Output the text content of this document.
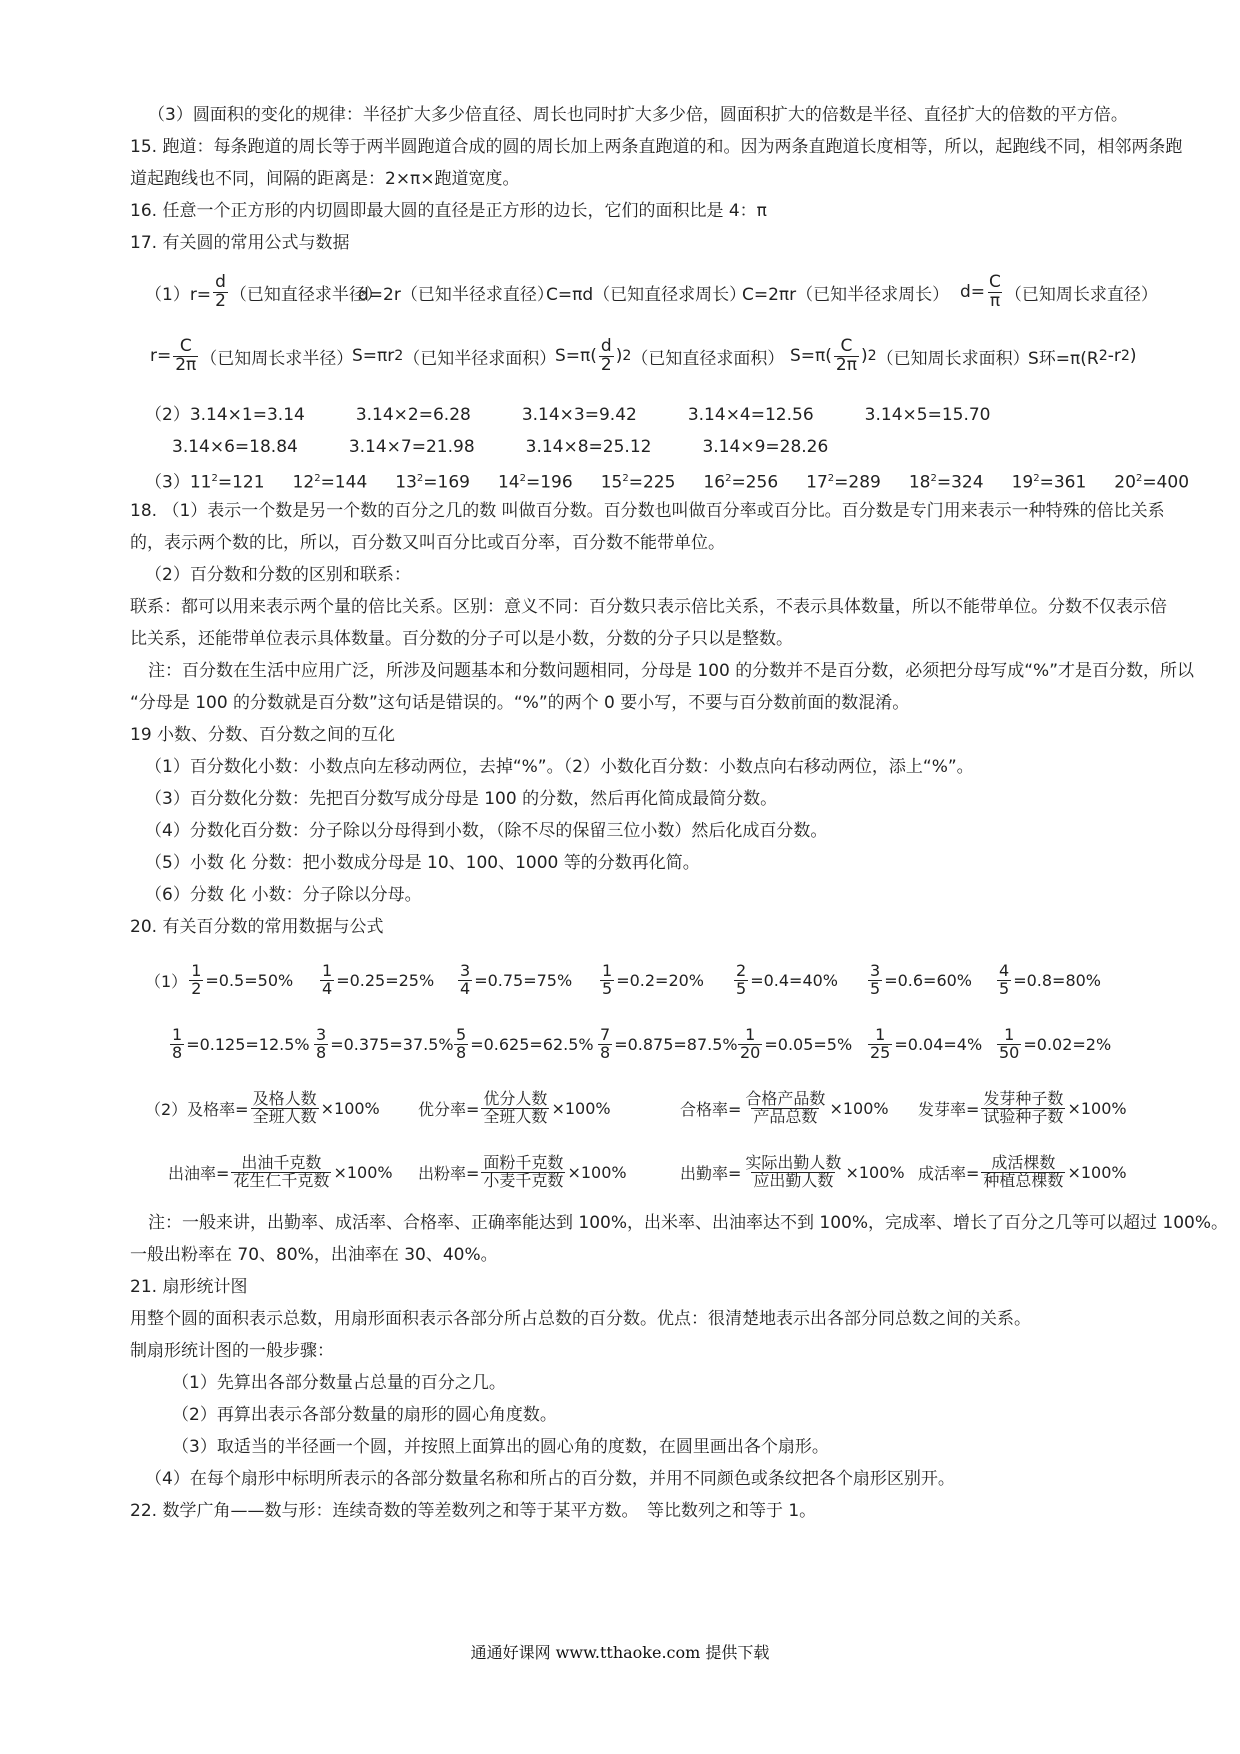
（3）圆面积的变化的规律：半径扩大多少倍直径、周长也同时扩大多少倍，圆面积扩大的倍数是半径、直径扩大的倍数的平方倍。
15. 跑道：每条跑道的周长等于两半圆跑道合成的圆的周长加上两条直跑道的和。因为两条直跑道长度相等，所以，起跑线不同，相邻两条跑
道起跑线也不同，间隔的距离是：2×π×跑道宽度。
16. 任意一个正方形的内切圆即最大圆的直径是正方形的边长，它们的面积比是 4：π
17. 有关圆的常用公式与数据
$(1)r= \frac{d}{2}$ （已知直径求半径）
d=2r（已知半径求直径）
C=πd（已知直径求周长）
C=2πr（已知半径求周长） $d= \frac{C}{\pi}$ （已知周长求直径）
$r= \frac{C}{2\pi}$ （已知周长求半径）
S=πr 2 （已知半径求面积）
$S=\pi( \frac{d}{2}$ ) 2 （已知直径求面积） $S=\pi( \frac{C}{2\pi}$ ) 2 （已知周长求面积）
S环=π(R 2 -r 2 )
（2）3.14×1=3.14　　　3.14×2=6.28　　　3.14×3=9.42　　　3.14×4=12.56　　　3.14×5=15.70
3.14×6=18.84　　　3.14×7=21.98　　　3.14×8=25.12　　　3.14×9=28.26
$(3)11^2=121$ $12^2=144$ $13^2=169$ $14^2=196$ $15^2=225$ $16^2=256$ $17^2=289$ $18^2=324$ $19^2=361$ $20^2=400$
18. （1）表示一个数是另一个数的百分之几的数 叫做百分数。百分数也叫做百分率或百分比。百分数是专门用来表示一种特殊的倍比关系
的，表示两个数的比，所以，百分数又叫百分比或百分率，百分数不能带单位。
（2）百分数和分数的区别和联系：
联系：都可以用来表示两个量的倍比关系。区别：意义不同：百分数只表示倍比关系，不表示具体数量，所以不能带单位。分数不仅表示倍
比关系，还能带单位表示具体数量。百分数的分子可以是小数，分数的分子只以是整数。
注：百分数在生活中应用广泛，所涉及问题基本和分数问题相同，分母是 100 的分数并不是百分数，必须把分母写成“%”才是百分数，所以
“分母是 100 的分数就是百分数”这句话是错误的。“%”的两个 0 要小写，不要与百分数前面的数混淆。
19 小数、分数、百分数之间的互化
（1）百分数化小数：小数点向左移动两位，去掉“%”。（2）小数化百分数：小数点向右移动两位，添上“%”。
（3）百分数化分数：先把百分数写成分母是 100 的分数，然后再化简成最简分数。
（4）分数化百分数：分子除以分母得到小数，（除不尽的保留三位小数）然后化成百分数。
（5）小数 化 分数：把小数成分母是 10、100、1000 等的分数再化简。
（6）分数 化 小数：分子除以分母。
20. 有关百分数的常用数据与公式
$(1) \frac{1}{2} =0.5=50\% \frac{1}{4} =0.25=25\% \frac{3}{4} =0.75=75\% \frac{1}{5} =0.2=20\% \frac{2}{5} =0.4=40\% \frac{3}{5} =0.6=60\% \frac{4}{5} =0.8=80\%$
$\frac{1}{8} =0.125=12.5\% \frac{3}{8} =0.375=37.5\% \frac{5}{8} =0.625=62.5\% \frac{7}{8} =0.875=87.5\% \frac{1}{20} =0.05=5\% \frac{1}{25} =0.04=4\% \frac{1}{50} =0.02=2\%$
（2）及格率= $\frac{\text{及格人数}}{\text{全班人数}} \times 100\%$ 优分率= $\frac{\text{优分人数}}{\text{全班人数}} \times 100\%$	合格率= $\frac{\text{合格产品数}}{\text{产品总数}} \times 100\%$ 发芽率= $\frac{\text{发芽种子数}}{\text{试验种子数}} \times 100\%$
出油率= $\frac{\text{出油千克数}}{\text{花生仁千克数}} \times 100\%$ 出粉率= $\frac{\text{面粉千克数}}{\text{小麦千克数}} \times 100\%$	出勤率= $\frac{\text{实际出勤人数}}{\text{应出勤人数}} \times 100\%$ 成活率= $\frac{\text{成活棵数}}{\text{种植总棵数}} \times 100\%$
注：一般来讲，出勤率、成活率、合格率、正确率能达到 100%，出米率、出油率达不到 100%，完成率、增长了百分之几等可以超过 100%。
一般出粉率在 70、80%，出油率在 30、40%。
21. 扇形统计图
用整个圆的面积表示总数，用扇形面积表示各部分所占总数的百分数。优点：很清楚地表示出各部分同总数之间的关系。
制扇形统计图的一般步骤：
（1）先算出各部分数量占总量的百分之几。
（2）再算出表示各部分数量的扇形的圆心角度数。
（3）取适当的半径画一个圆，并按照上面算出的圆心角的度数，在圆里画出各个扇形。
（4）在每个扇形中标明所表示的各部分数量名称和所占的百分数，并用不同颜色或条纹把各个扇形区别开。
22. 数学广角——数与形：连续奇数的等差数列之和等于某平方数。　等比数列之和等于 1。
通通好课网 www.tthaoke.com 提供下载
